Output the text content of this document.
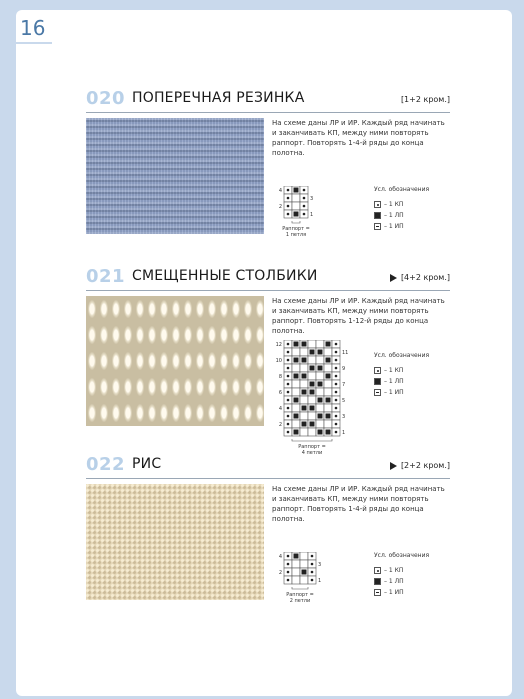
16
020 ПОПЕРЕЧНАЯ РЕЗИНКА	[1+2 кром.]
На схеме даны ЛР и ИР. Каждый ряд начинать и заканчивать КП, между ними повторять раппорт. Повторять 1-4-й ряды до конца полотна.
4
3
2
1
Раппорт = 1 петля
Усл. обозначения
– 1 КП
– 1 ЛП
– 1 ИП
021 СМЕЩЕННЫЕ СТОЛБИКИ	[4+2 кром.]
На схеме даны ЛР и ИР. Каждый ряд начинать и заканчивать КП, между ними повторять раппорт. Повторять 1-12-й ряды до конца полотна.
12
11
10
9
8
7
6
5
4
3
2
1
Раппорт = 4 петли
Усл. обозначения
– 1 КП
– 1 ЛП
– 1 ИП
022 РИС	[2+2 кром.]
На схеме даны ЛР и ИР. Каждый ряд начинать и заканчивать КП, между ними повторять раппорт. Повторять 1-4-й ряды до конца полотна.
4
3
2
1
Раппорт = 2 петли
Усл. обозначения
– 1 КП
– 1 ЛП
– 1 ИП
